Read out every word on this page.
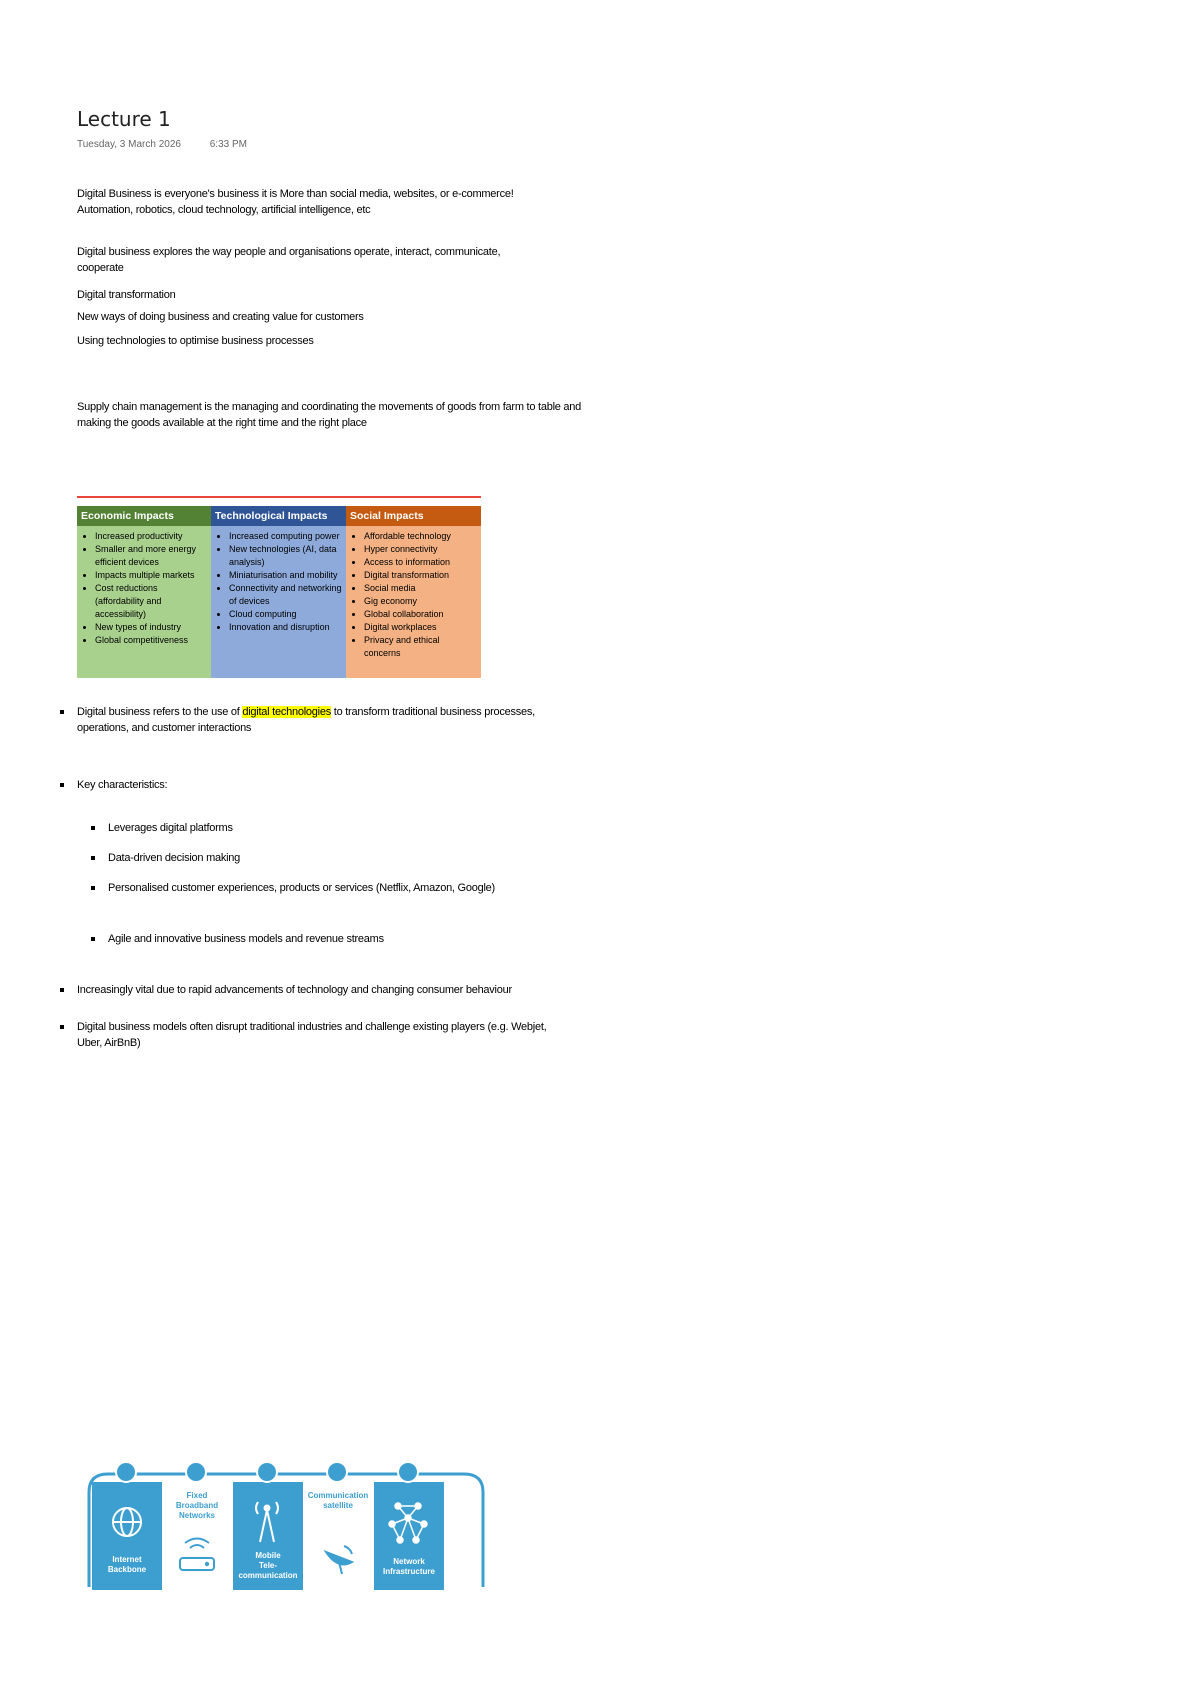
Lecture 1
Tuesday, 3 March 2026	6:33 PM
Digital Business is everyone's business it is More than social media, websites, or e-commerce!
Automation, robotics, cloud technology, artificial intelligence, etc
Digital business explores the way people and organisations operate, interact, communicate, cooperate
Digital transformation
New ways of doing business and creating value for customers
Using technologies to optimise business processes
Supply chain management is the managing and coordinating the movements of goods from farm to table and making the goods available at the right time and the right place
Economic Impacts
• Increased productivity
• Smaller and more energy efficient devices
• Impacts multiple markets
• Cost reductions (affordability and accessibility)
• New types of industry
• Global competitiveness
Technological Impacts
• Increased computing power
• New technologies (AI, data analysis)
• Miniaturisation and mobility
• Connectivity and networking of devices
• Cloud computing
• Innovation and disruption
Social Impacts
• Affordable technology
• Hyper connectivity
• Access to information
• Digital transformation
• Social media
• Gig economy
• Global collaboration
• Digital workplaces
• Privacy and ethical concerns
Digital business refers to the use of digital technologies to transform traditional business processes, operations, and customer interactions
Key characteristics:
Leverages digital platforms
Data-driven decision making
Personalised customer experiences, products or services (Netflix, Amazon, Google)
Agile and innovative business models and revenue streams
Increasingly vital due to rapid advancements of technology and changing consumer behaviour
Digital business models often disrupt traditional industries and challenge existing players (e.g. Webjet, Uber, AirBnB)
Internet
Backbone
Fixed
Broadband
Networks
Mobile
Tele-
communication
Communication
satellite
Network
Infrastructure
